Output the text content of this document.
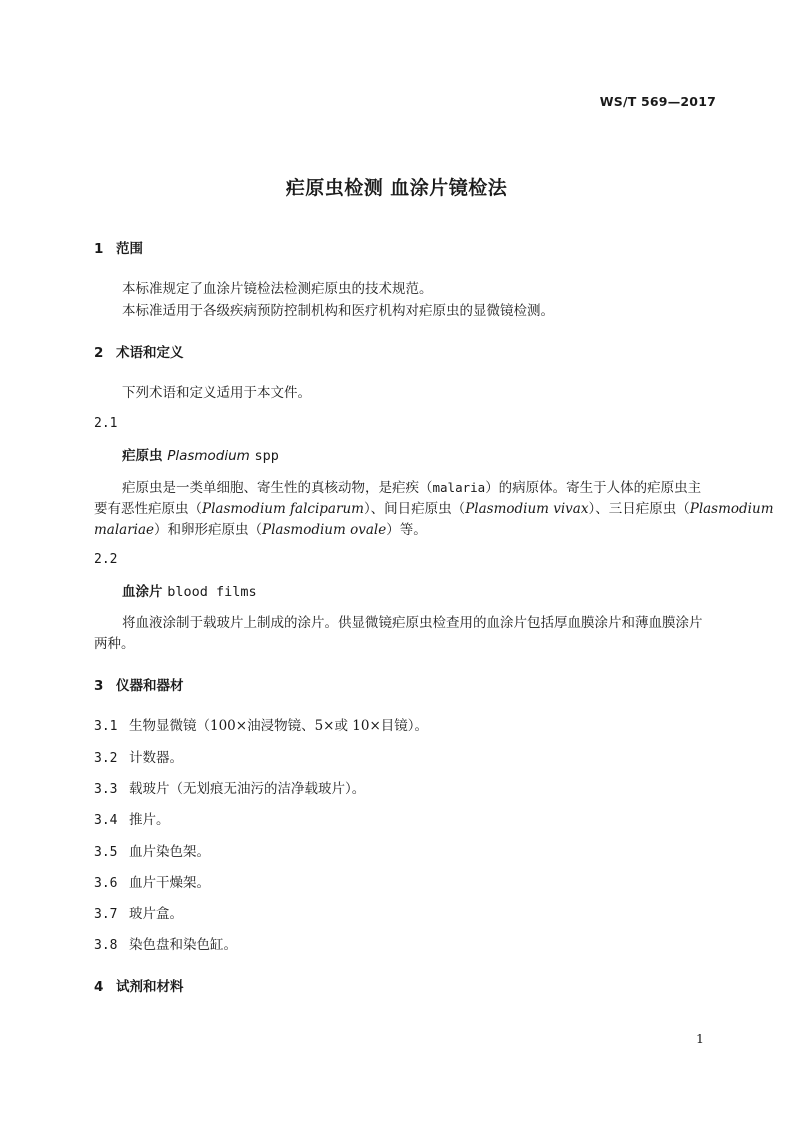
WS/T 569—2017
疟原虫检测 血涂片镜检法
1 范围
本标准规定了血涂片镜检法检测疟原虫的技术规范。
本标准适用于各级疾病预防控制机构和医疗机构对疟原虫的显微镜检测。
2 术语和定义
下列术语和定义适用于本文件。
2.1
疟原虫 Plasmodium spp
疟原虫是一类单细胞、寄生性的真核动物，是疟疾（malaria）的病原体。寄生于人体的疟原虫主
要有恶性疟原虫（Plasmodium falciparum）、间日疟原虫（Plasmodium vivax）、三日疟原虫（Plasmodium
malariae）和卵形疟原虫（Plasmodium ovale）等。
2.2
血涂片 blood films
将血液涂制于载玻片上制成的涂片。供显微镜疟原虫检查用的血涂片包括厚血膜涂片和薄血膜涂片
两种。
3 仪器和器材
3.1 生物显微镜（100×油浸物镜、5×或 10×目镜）。
3.2 计数器。
3.3 载玻片（无划痕无油污的洁净载玻片）。
3.4 推片。
3.5 血片染色架。
3.6 血片干燥架。
3.7 玻片盒。
3.8 染色盘和染色缸。
4 试剂和材料
1
